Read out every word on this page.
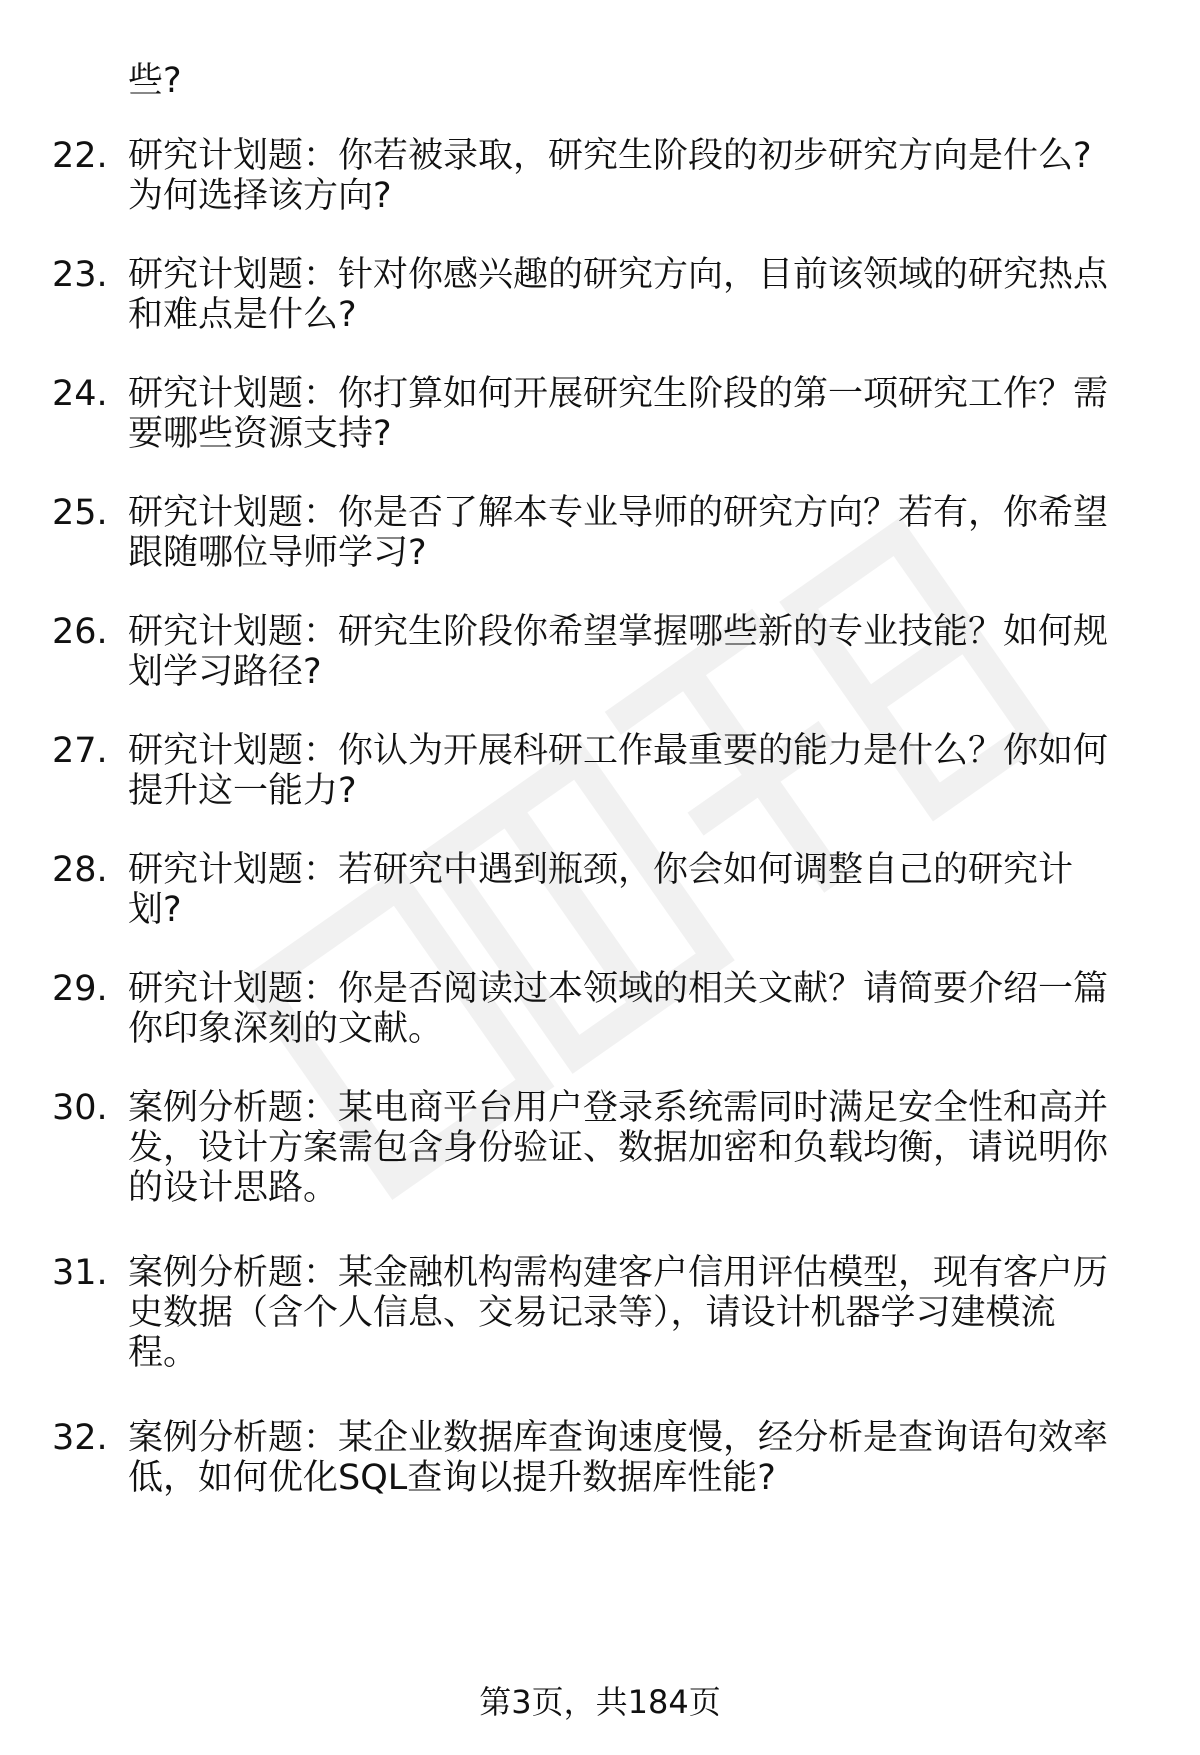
些?
22. 研究计划题：你若被录取，研究生阶段的初步研究方向是什么?
为何选择该方向?
23. 研究计划题：针对你感兴趣的研究方向，目前该领域的研究热点
和难点是什么?
24. 研究计划题：你打算如何开展研究生阶段的第一项研究工作？需
要哪些资源支持?
25. 研究计划题：你是否了解本专业导师的研究方向？若有，你希望
跟随哪位导师学习?
26. 研究计划题：研究生阶段你希望掌握哪些新的专业技能？如何规
划学习路径?
27. 研究计划题：你认为开展科研工作最重要的能力是什么？你如何
提升这一能力?
28. 研究计划题：若研究中遇到瓶颈，你会如何调整自己的研究计
划?
29. 研究计划题：你是否阅读过本领域的相关文献？请简要介绍一篇
你印象深刻的文献。
30. 案例分析题：某电商平台用户登录系统需同时满足安全性和高并
发，设计方案需包含身份验证、数据加密和负载均衡，请说明你
的设计思路。
31. 案例分析题：某金融机构需构建客户信用评估模型，现有客户历
史数据（含个人信息、交易记录等），请设计机器学习建模流
程。
32. 案例分析题：某企业数据库查询速度慢，经分析是查询语句效率
低，如何优化SQL查询以提升数据库性能?
第3页，共184页
